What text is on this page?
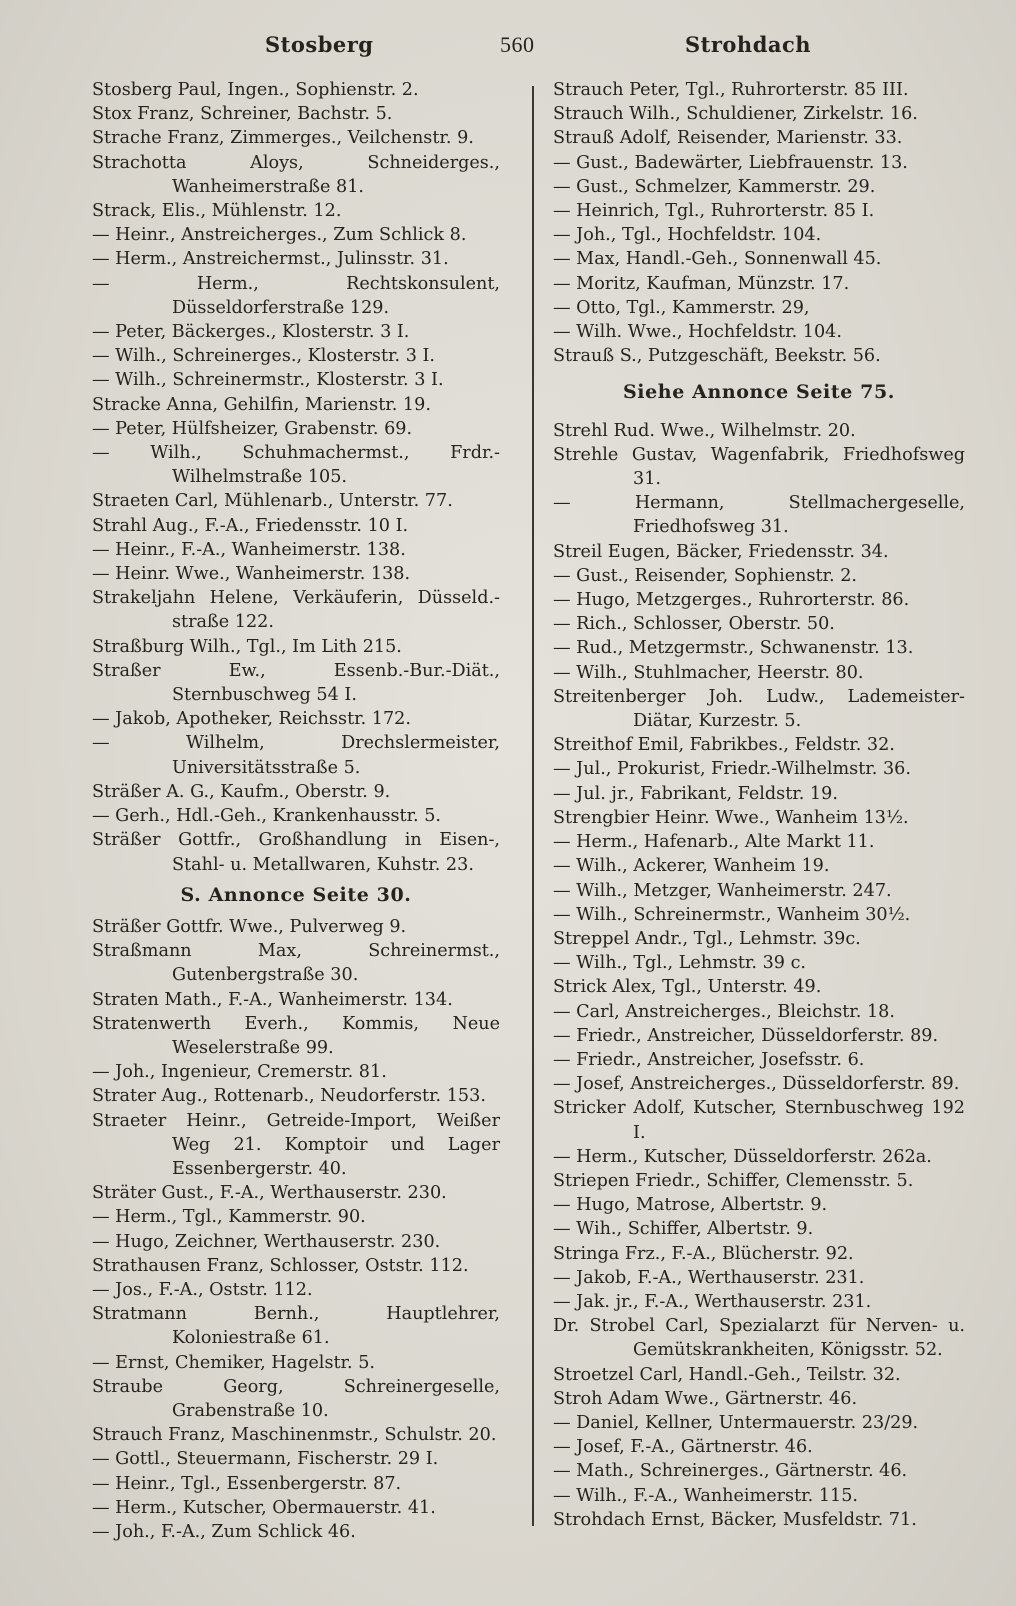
Stosberg	560	Strohdach

Stosberg Paul, Ingen., Sophienstr. 2.

Stox Franz, Schreiner, Bachstr. 5.

Strache Franz, Zimmerges., Veilchenstr. 9.

Strachotta Aloys, Schneiderges., Wanheimerstraße 81.

Strack, Elis., Mühlenstr. 12.

— Heinr., Anstreicherges., Zum Schlick 8.

— Herm., Anstreichermst., Julinsstr. 31.

— Herm., Rechtskonsulent, Düsseldorferstraße 129.

— Peter, Bäckerges., Klosterstr. 3 I.

— Wilh., Schreinerges., Klosterstr. 3 I.

— Wilh., Schreinermstr., Klosterstr. 3 I.

Stracke Anna, Gehilfin, Marienstr. 19.

— Peter, Hülfsheizer, Grabenstr. 69.

— Wilh., Schuhmachermst., Frdr.-Wilhelmstraße 105.

Straeten Carl, Mühlenarb., Unterstr. 77.

Strahl Aug., F.-A., Friedensstr. 10 I.

— Heinr., F.-A., Wanheimerstr. 138.

— Heinr. Wwe., Wanheimerstr. 138.

Strakeljahn Helene, Verkäuferin, Düsseld.-straße 122.

Straßburg Wilh., Tgl., Im Lith 215.

Straßer Ew., Essenb.-Bur.-Diät., Sternbuschweg 54 I.

— Jakob, Apotheker, Reichsstr. 172.

— Wilhelm, Drechslermeister, Universitätsstraße 5.

Sträßer A. G., Kaufm., Oberstr. 9.

— Gerh., Hdl.-Geh., Krankenhausstr. 5.

Sträßer Gottfr., Großhandlung in Eisen-, Stahl- u. Metallwaren, Kuhstr. 23.

S. Annonce Seite 30.

Sträßer Gottfr. Wwe., Pulverweg 9.

Straßmann Max, Schreinermst., Gutenbergstraße 30.

Straten Math., F.-A., Wanheimerstr. 134.

Stratenwerth Everh., Kommis, Neue Weselerstraße 99.

— Joh., Ingenieur, Cremerstr. 81.

Strater Aug., Rottenarb., Neudorferstr. 153.

Straeter Heinr., Getreide-Import, Weißer Weg 21. Komptoir und Lager Essenbergerstr. 40.

Sträter Gust., F.-A., Werthauserstr. 230.

— Herm., Tgl., Kammerstr. 90.

— Hugo, Zeichner, Werthauserstr. 230.

Strathausen Franz, Schlosser, Oststr. 112.

— Jos., F.-A., Oststr. 112.

Stratmann Bernh., Hauptlehrer, Koloniestraße 61.

— Ernst, Chemiker, Hagelstr. 5.

Straube Georg, Schreinergeselle, Grabenstraße 10.

Strauch Franz, Maschinenmstr., Schulstr. 20.

— Gottl., Steuermann, Fischerstr. 29 I.

— Heinr., Tgl., Essenbergerstr. 87.

— Herm., Kutscher, Obermauerstr. 41.

— Joh., F.-A., Zum Schlick 46.

Strauch Peter, Tgl., Ruhrorterstr. 85 III.

Strauch Wilh., Schuldiener, Zirkelstr. 16.

Strauß Adolf, Reisender, Marienstr. 33.

— Gust., Badewärter, Liebfrauenstr. 13.

— Gust., Schmelzer, Kammerstr. 29.

— Heinrich, Tgl., Ruhrorterstr. 85 I.

— Joh., Tgl., Hochfeldstr. 104.

— Max, Handl.-Geh., Sonnenwall 45.

— Moritz, Kaufman, Münzstr. 17.

— Otto, Tgl., Kammerstr. 29,

— Wilh. Wwe., Hochfeldstr. 104.

Strauß S., Putzgeschäft, Beekstr. 56.

Siehe Annonce Seite 75.

Strehl Rud. Wwe., Wilhelmstr. 20.

Strehle Gustav, Wagenfabrik, Friedhofsweg 31.

— Hermann, Stellmachergeselle, Friedhofsweg 31.

Streil Eugen, Bäcker, Friedensstr. 34.

— Gust., Reisender, Sophienstr. 2.

— Hugo, Metzgerges., Ruhrorterstr. 86.

— Rich., Schlosser, Oberstr. 50.

— Rud., Metzgermstr., Schwanenstr. 13.

— Wilh., Stuhlmacher, Heerstr. 80.

Streitenberger Joh. Ludw., Lademeister-Diätar, Kurzestr. 5.

Streithof Emil, Fabrikbes., Feldstr. 32.

— Jul., Prokurist, Friedr.-Wilhelmstr. 36.

— Jul. jr., Fabrikant, Feldstr. 19.

Strengbier Heinr. Wwe., Wanheim 13½.

— Herm., Hafenarb., Alte Markt 11.

— Wilh., Ackerer, Wanheim 19.

— Wilh., Metzger, Wanheimerstr. 247.

— Wilh., Schreinermstr., Wanheim 30½.

Streppel Andr., Tgl., Lehmstr. 39c.

— Wilh., Tgl., Lehmstr. 39 c.

Strick Alex, Tgl., Unterstr. 49.

— Carl, Anstreicherges., Bleichstr. 18.

— Friedr., Anstreicher, Düsseldorferstr. 89.

— Friedr., Anstreicher, Josefsstr. 6.

— Josef, Anstreicherges., Düsseldorferstr. 89.

Stricker Adolf, Kutscher, Sternbuschweg 192 I.

— Herm., Kutscher, Düsseldorferstr. 262a.

Striepen Friedr., Schiffer, Clemensstr. 5.

— Hugo, Matrose, Albertstr. 9.

— Wih., Schiffer, Albertstr. 9.

Stringa Frz., F.-A., Blücherstr. 92.

— Jakob, F.-A., Werthauserstr. 231.

— Jak. jr., F.-A., Werthauserstr. 231.

Dr. Strobel Carl, Spezialarzt für Nerven- u. Gemütskrankheiten, Königsstr. 52.

Stroetzel Carl, Handl.-Geh., Teilstr. 32.

Stroh Adam Wwe., Gärtnerstr. 46.

— Daniel, Kellner, Untermauerstr. 23/29.

— Josef, F.-A., Gärtnerstr. 46.

— Math., Schreinerges., Gärtnerstr. 46.

— Wilh., F.-A., Wanheimerstr. 115.

Strohdach Ernst, Bäcker, Musfeldstr. 71.
